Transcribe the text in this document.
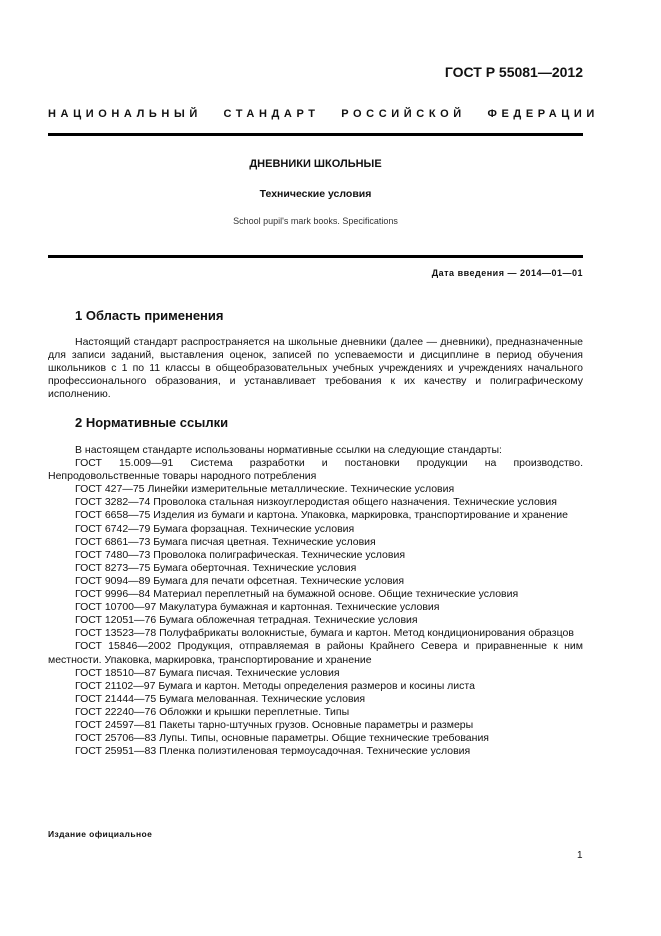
ГОСТ Р 55081—2012
НАЦИОНАЛЬНЫЙ СТАНДАРТ РОССИЙСКОЙ ФЕДЕРАЦИИ
ДНЕВНИКИ ШКОЛЬНЫЕ
Технические условия
School pupil's mark books. Specifications
Дата введения — 2014—01—01
1 Область применения

Настоящий стандарт распространяется на школьные дневники (далее — дневники), предназначенные для записи заданий, выставления оценок, записей по успеваемости и дисциплине в период обучения школьников с 1 по 11 классы в общеобразовательных учебных учреждениях и учреждениях начального профессионального образования, и устанавливает требования к их качеству и полиграфическому исполнению.

2 Нормативные ссылки

В настоящем стандарте использованы нормативные ссылки на следующие стандарты:

ГОСТ 15.009—91 Система разработки и постановки продукции на производство. Непродовольственные товары народного потребления

ГОСТ 427—75 Линейки измерительные металлические. Технические условия

ГОСТ 3282—74 Проволока стальная низкоуглеродистая общего назначения. Технические условия

ГОСТ 6658—75 Изделия из бумаги и картона. Упаковка, маркировка, транспортирование и хранение

ГОСТ 6742—79 Бумага форзацная. Технические условия

ГОСТ 6861—73 Бумага писчая цветная. Технические условия

ГОСТ 7480—73 Проволока полиграфическая. Технические условия

ГОСТ 8273—75 Бумага оберточная. Технические условия

ГОСТ 9094—89 Бумага для печати офсетная. Технические условия

ГОСТ 9996—84 Материал переплетный на бумажной основе. Общие технические условия

ГОСТ 10700—97 Макулатура бумажная и картонная. Технические условия

ГОСТ 12051—76 Бумага обложечная тетрадная. Технические условия

ГОСТ 13523—78 Полуфабрикаты волокнистые, бумага и картон. Метод кондиционирования образцов

ГОСТ 15846—2002 Продукция, отправляемая в районы Крайнего Севера и приравненные к ним местности. Упаковка, маркировка, транспортирование и хранение

ГОСТ 18510—87 Бумага писчая. Технические условия

ГОСТ 21102—97 Бумага и картон. Методы определения размеров и косины листа

ГОСТ 21444—75 Бумага мелованная. Технические условия

ГОСТ 22240—76 Обложки и крышки переплетные. Типы

ГОСТ 24597—81 Пакеты тарно-штучных грузов. Основные параметры и размеры

ГОСТ 25706—83 Лупы. Типы, основные параметры. Общие технические требования

ГОСТ 25951—83 Пленка полиэтиленовая термоусадочная. Технические условия

Издание официальное
1
